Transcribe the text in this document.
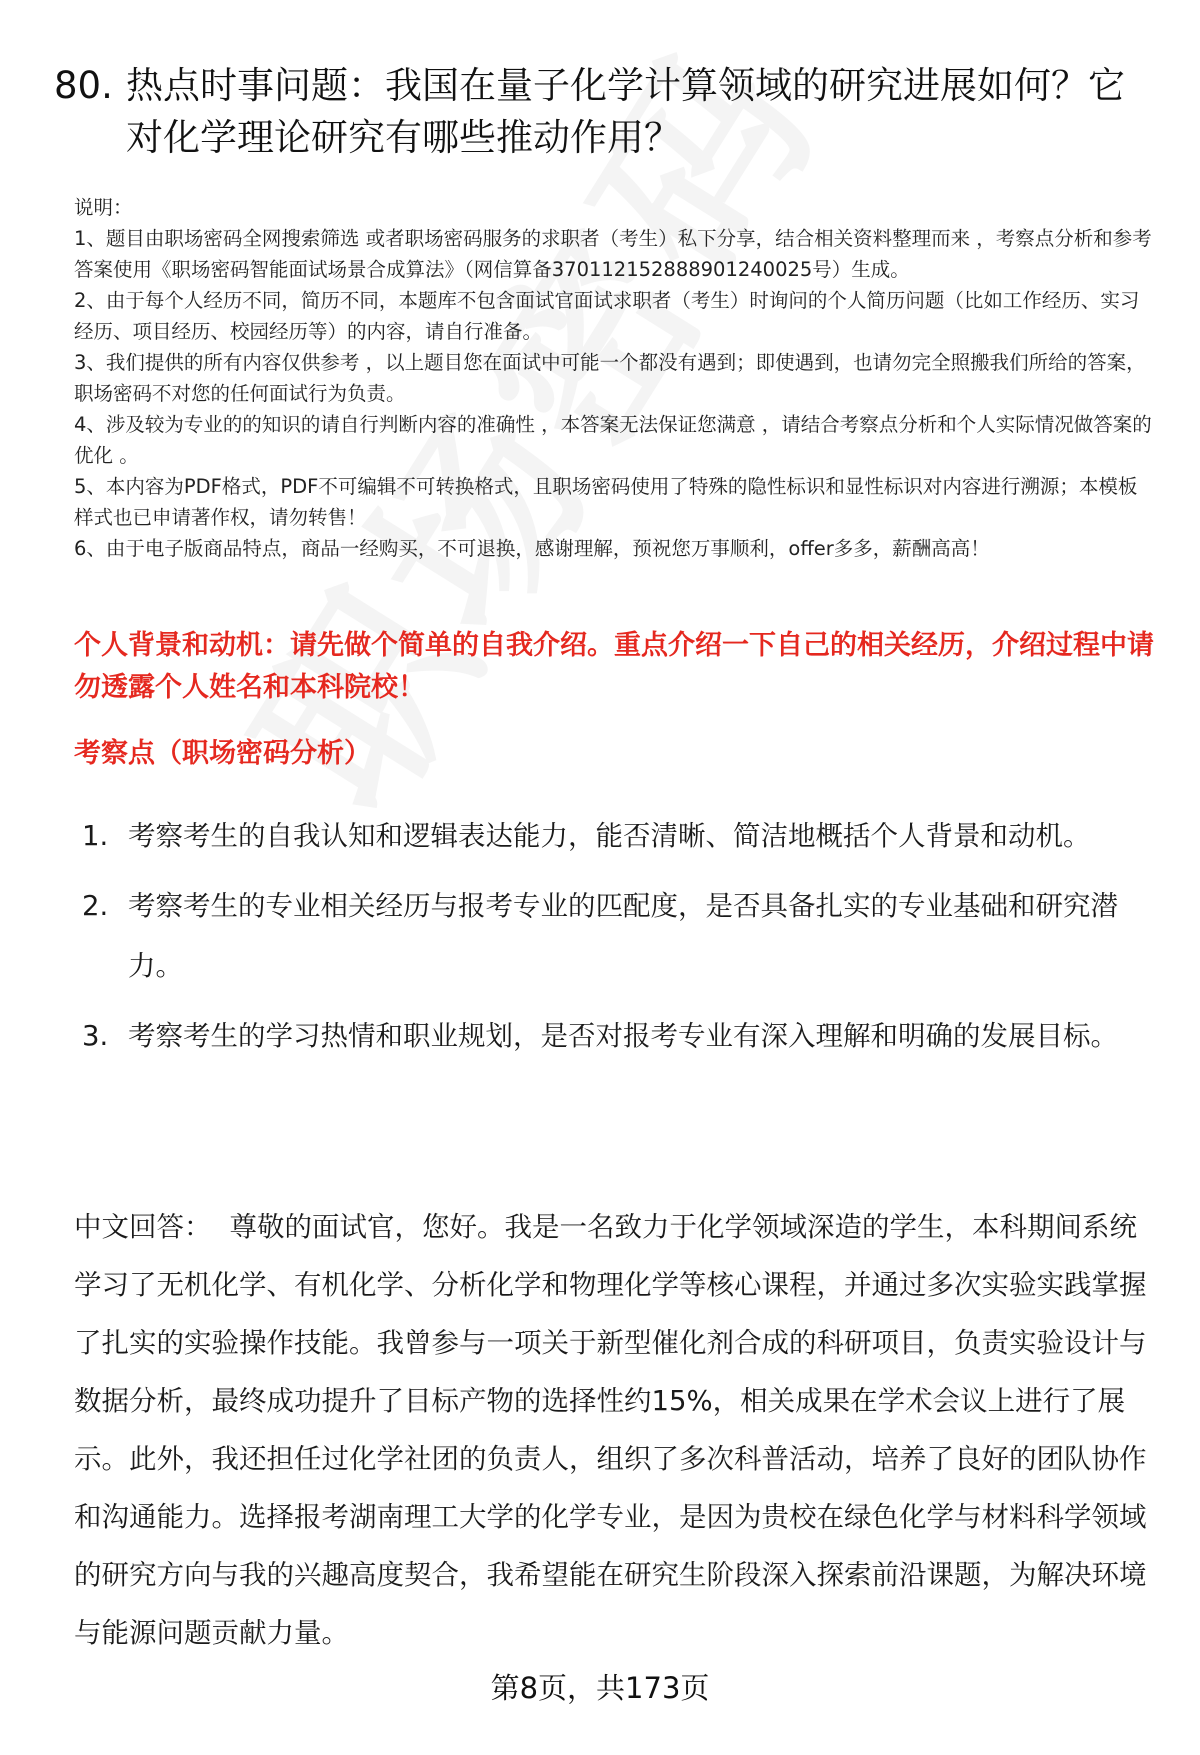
80. 热点时事问题：我国在量子化学计算领域的研究进展如何？它对化学理论研究有哪些推动作用？

说明：

1、题目由职场密码全网搜索筛选 或者职场密码服务的求职者（考生）私下分享，结合相关资料整理而来 ，考察点分析和参考答案使用《职场密码智能面试场景合成算法》（网信算备370112152888901240025号）生成。

2、由于每个人经历不同，简历不同，本题库不包含面试官面试求职者（考生）时询问的个人简历问题（比如工作经历、实习经历、项目经历、校园经历等）的内容，请自行准备。

3、我们提供的所有内容仅供参考 ，以上题目您在面试中可能一个都没有遇到；即使遇到，也请勿完全照搬我们所给的答案，职场密码不对您的任何面试行为负责。

4、涉及较为专业的的知识的请自行判断内容的准确性 ，本答案无法保证您满意 ，请结合考察点分析和个人实际情况做答案的优化 。

5、本内容为PDF格式，PDF不可编辑不可转换格式，且职场密码使用了特殊的隐性标识和显性标识对内容进行溯源；本模板样式也已申请著作权，请勿转售！

6、由于电子版商品特点，商品一经购买，不可退换，感谢理解，预祝您万事顺利，offer多多，薪酬高高！

个人背景和动机：请先做个简单的自我介绍。重点介绍一下自己的相关经历，介绍过程中请勿透露个人姓名和本科院校！
考察点（职场密码分析）
1. 考察考生的自我认知和逻辑表达能力，能否清晰、简洁地概括个人背景和动机。
2. 考察考生的专业相关经历与报考专业的匹配度，是否具备扎实的专业基础和研究潜力。
3. 考察考生的学习热情和职业规划，是否对报考专业有深入理解和明确的发展目标。
中文回答： 尊敬的面试官，您好。我是一名致力于化学领域深造的学生，本科期间系统学习了无机化学、有机化学、分析化学和物理化学等核心课程，并通过多次实验实践掌握了扎实的实验操作技能。我曾参与一项关于新型催化剂合成的科研项目，负责实验设计与数据分析，最终成功提升了目标产物的选择性约15%，相关成果在学术会议上进行了展示。此外，我还担任过化学社团的负责人，组织了多次科普活动，培养了良好的团队协作和沟通能力。选择报考湖南理工大学的化学专业，是因为贵校在绿色化学与材料科学领域的研究方向与我的兴趣高度契合，我希望能在研究生阶段深入探索前沿课题，为解决环境与能源问题贡献力量。
第8页，共173页
